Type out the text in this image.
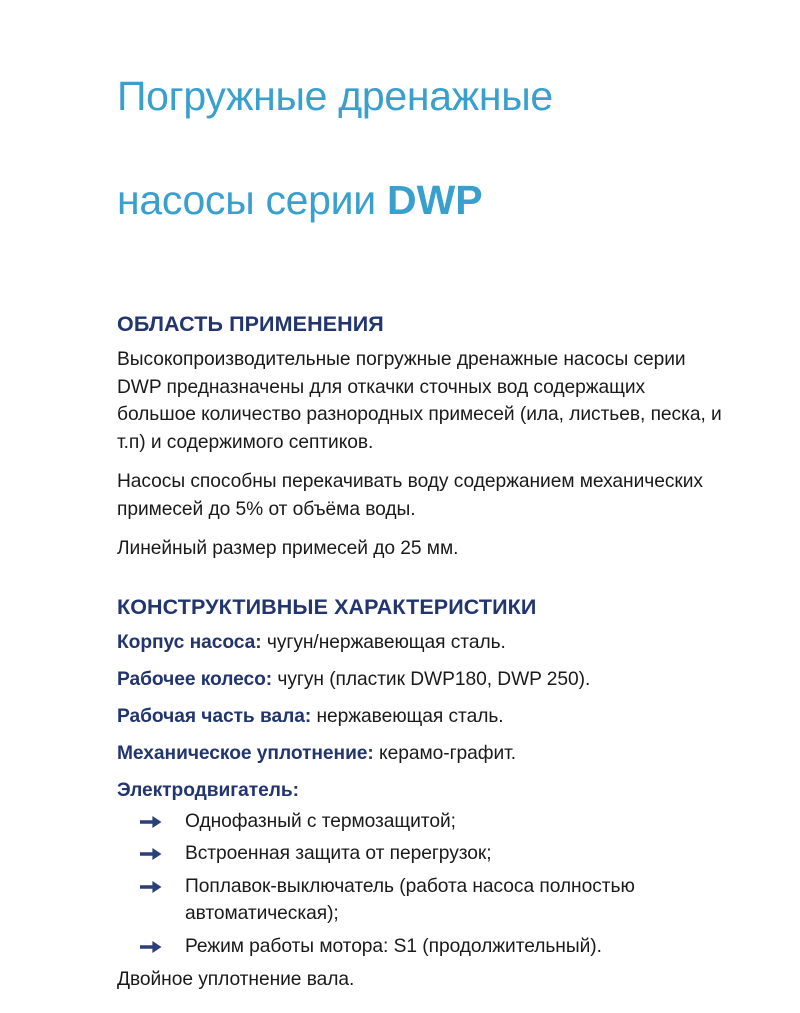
Погружные дренажные

насосы серии DWP

ОБЛАСТЬ ПРИМЕНЕНИЯ

Высокопроизводительные погружные дренажные насосы серии DWP предназначены для откачки сточных вод содержащих большое количество разнородных примесей (ила, листьев, песка, и т.п) и содержимого септиков.

Насосы способны перекачивать воду содержанием механических примесей до 5% от объёма воды.

Линейный размер примесей до 25 мм.

КОНСТРУКТИВНЫЕ ХАРАКТЕРИСТИКИ
Корпус насоса: чугун/нержавеющая сталь.
Рабочее колесо: чугун (пластик DWP180, DWP 250).
Рабочая часть вала: нержавеющая сталь.
Механическое уплотнение: керамо-графит.
Электродвигатель:
Однофазный с термозащитой;
Встроенная защита от перегрузок;
Поплавок-выключатель (работа насоса полностью автоматическая);
Режим работы мотора: S1 (продолжительный).

Двойное уплотнение вала.
